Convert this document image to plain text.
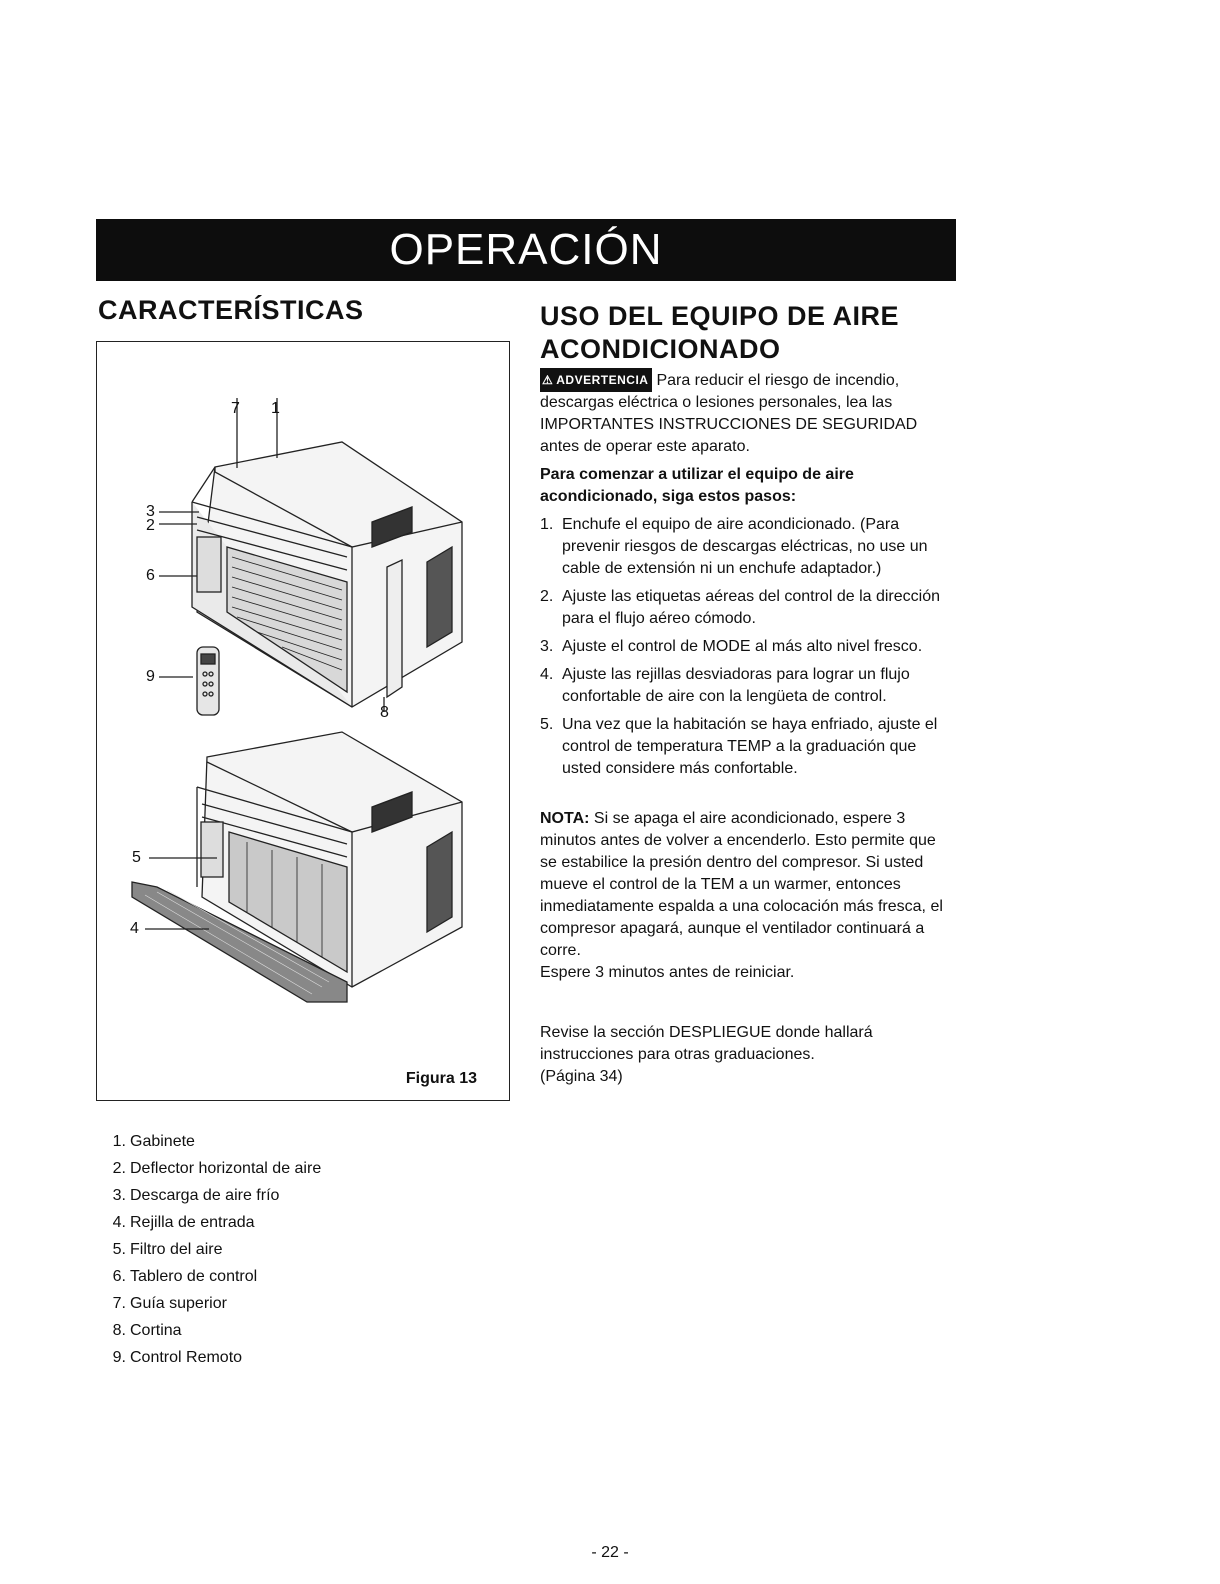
OPERACIÓN
CARACTERÍSTICAS	USO DEL EQUIPO DE AIRE ACONDICIONADO
7 1
3
2
6
9
8
5
4
Figura 13
1. Gabinete
2. Deflector horizontal de aire
3. Descarga de aire frío
4. Rejilla de entrada
5. Filtro del aire
6. Tablero de control
7. Guía superior
8. Cortina
9. Control Remoto

⚠ ADVERTENCIA Para reducir el riesgo de incendio, descargas eléctrica o lesiones personales, lea las IMPORTANTES INSTRUCCIONES DE SEGURIDAD antes de operar este aparato.

Para comenzar a utilizar el equipo de aire acondicionado, siga estos pasos:

1. Enchufe el equipo de aire acondicionado. (Para prevenir riesgos de descargas eléctricas, no use un cable de extensión ni un enchufe adaptador.)
2. Ajuste las etiquetas aéreas del control de la dirección para el flujo aéreo cómodo.
3. Ajuste el control de MODE al más alto nivel fresco.
4. Ajuste las rejillas desviadoras para lograr un flujo confortable de aire con la lengüeta de control.
5. Una vez que la habitación se haya enfriado, ajuste el control de temperatura TEMP a la graduación que usted considere más confortable.

NOTA: Si se apaga el aire acondicionado, espere 3 minutos antes de volver a encenderlo. Esto permite que se estabilice la presión dentro del compresor. Si usted mueve el control de la TEM a un warmer, entonces inmediatamente espalda a una colocación más fresca, el compresor apagará, aunque el ventilador continuará a corre.
Espere 3 minutos antes de reiniciar.

Revise la sección DESPLIEGUE donde hallará instrucciones para otras graduaciones.
(Página 34)

- 22 -
